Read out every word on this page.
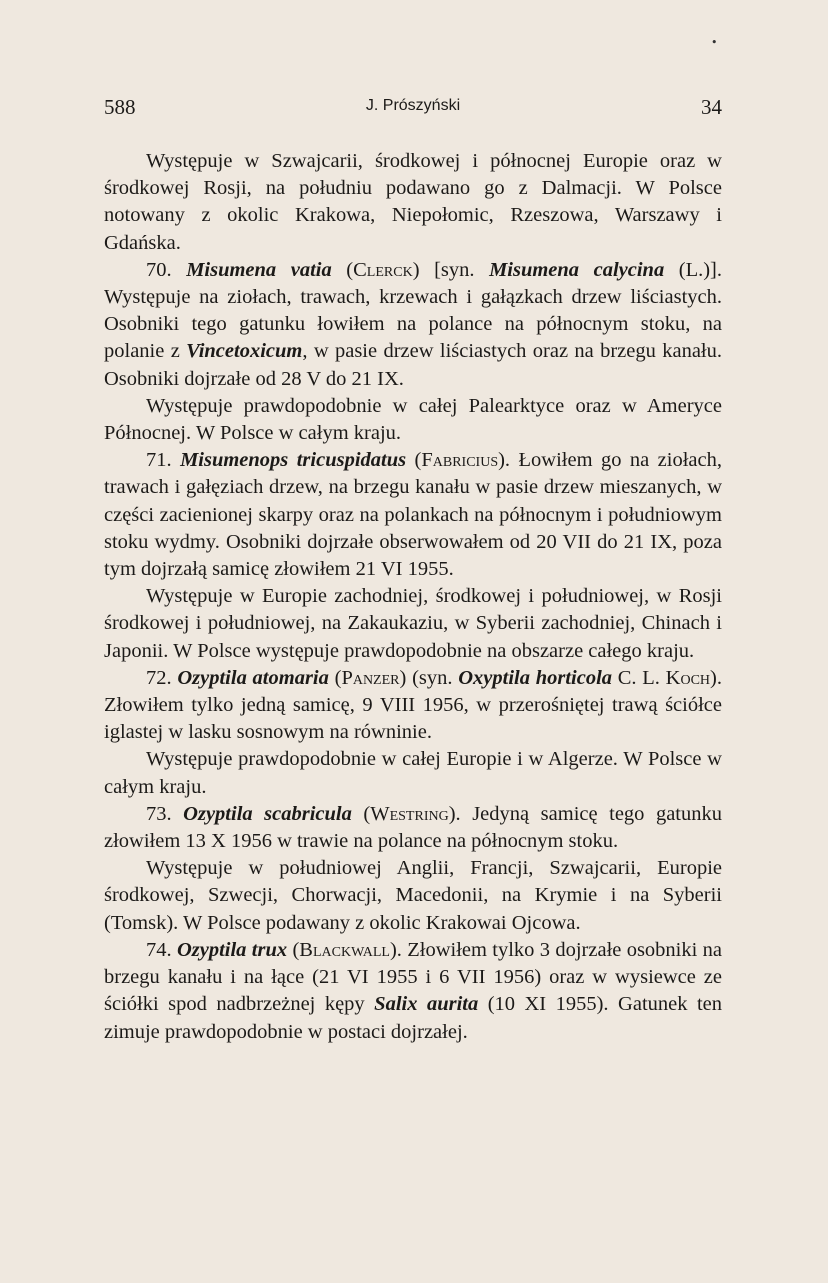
•
588	J. Prószyński	34

Występuje w Szwajcarii, środkowej i północnej Europie oraz w środkowej Rosji, na południu podawano go z Dalmacji. W Polsce notowany z okolic Krakowa, Niepołomic, Rzeszowa, Warszawy i Gdańska.

70. Misumena vatia (Clerck) [syn. Misumena calycina (L.)]. Występuje na ziołach, trawach, krzewach i gałązkach drzew liściastych. Osobniki tego gatunku łowiłem na polance na północnym stoku, na polanie z Vincetoxicum, w pasie drzew liściastych oraz na brzegu kanału. Osobniki dojrzałe od 28 V do 21 IX.

Występuje prawdopodobnie w całej Palearktyce oraz w Ameryce Północnej. W Polsce w całym kraju.

71. Misumenops tricuspidatus (Fabricius). Łowiłem go na ziołach, trawach i gałęziach drzew, na brzegu kanału w pasie drzew mieszanych, w części zacienionej skarpy oraz na polankach na północnym i południowym stoku wydmy. Osobniki dojrzałe obserwowałem od 20 VII do 21 IX, poza tym dojrzałą samicę złowiłem 21 VI 1955.

Występuje w Europie zachodniej, środkowej i południowej, w Rosji środkowej i południowej, na Zakaukaziu, w Syberii zachodniej, Chinach i Japonii. W Polsce występuje prawdopodobnie na obszarze całego kraju.

72. Ozyptila atomaria (Panzer) (syn. Oxyptila horticola C. L. Koch). Złowiłem tylko jedną samicę, 9 VIII 1956, w przerośniętej trawą ściółce iglastej w lasku sosnowym na równinie.

Występuje prawdopodobnie w całej Europie i w Algerze. W Polsce w całym kraju.

73. Ozyptila scabricula (Westring). Jedyną samicę tego gatunku złowiłem 13 X 1956 w trawie na polance na północnym stoku.

Występuje w południowej Anglii, Francji, Szwajcarii, Europie środkowej, Szwecji, Chorwacji, Macedonii, na Krymie i na Syberii (Tomsk). W Polsce podawany z okolic Krakowai Ojcowa.

74. Ozyptila trux (Blackwall). Złowiłem tylko 3 dojrzałe osobniki na brzegu kanału i na łące (21 VI 1955 i 6 VII 1956) oraz w wysiewce ze ściółki spod nadbrzeżnej kępy Salix aurita (10 XI 1955). Gatunek ten zimuje prawdopodobnie w postaci dojrzałej.
